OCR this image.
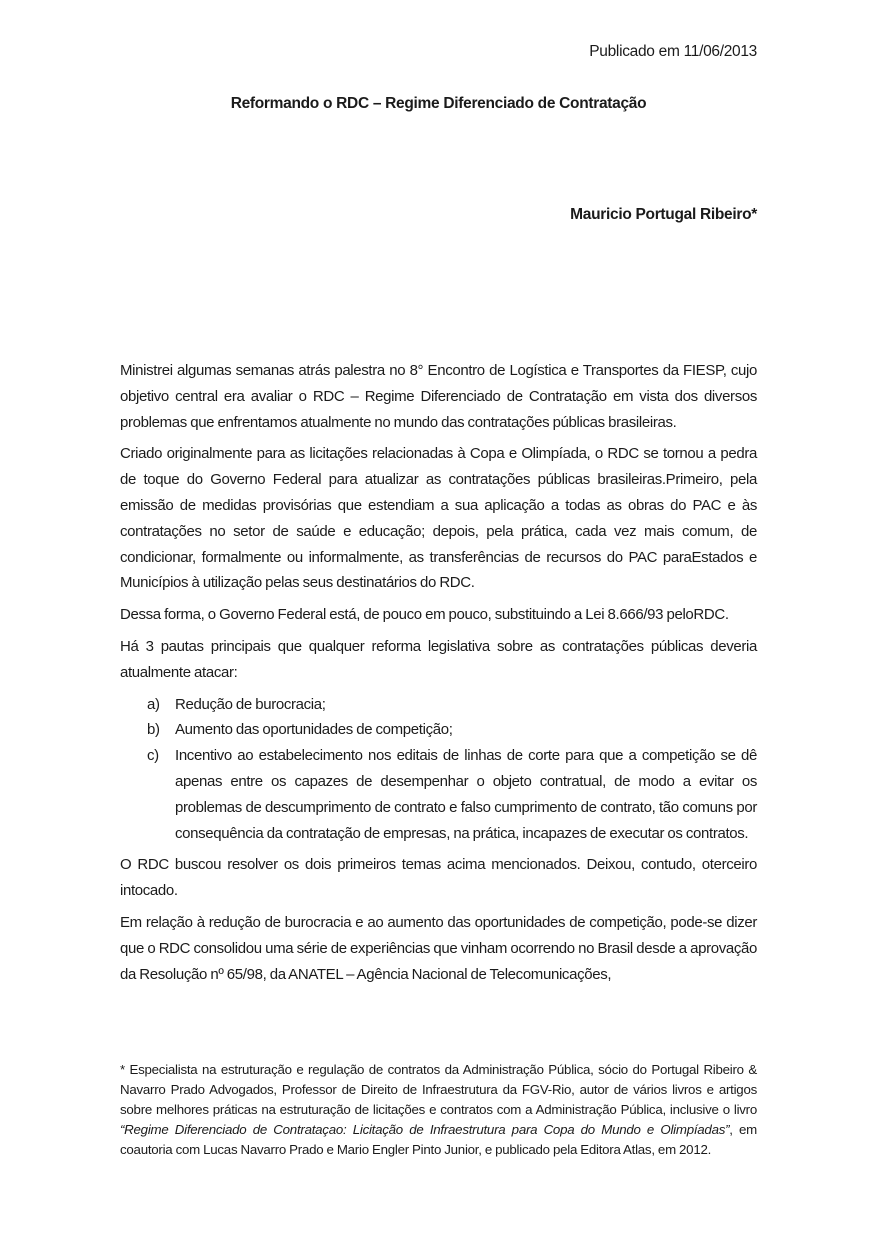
Publicado em 11/06/2013
Reformando o RDC – Regime Diferenciado de Contratação
Mauricio Portugal Ribeiro*

Ministrei algumas semanas atrás palestra no 8° Encontro de Logística e Transportes da FIESP, cujo objetivo central era avaliar o RDC – Regime Diferenciado de Contratação em vista dos diversos problemas que enfrentamos atualmente no mundo das contratações públicas brasileiras.

Criado originalmente para as licitações relacionadas à Copa e Olimpíada, o RDC se tornou a pedra de toque do Governo Federal para atualizar as contratações públicas brasileiras.Primeiro, pela emissão de medidas provisórias que estendiam a sua aplicação a todas as obras do PAC e às contratações no setor de saúde e educação; depois, pela prática, cada vez mais comum, de condicionar, formalmente ou informalmente, as transferências de recursos do PAC paraEstados e Municípios à utilização pelas seus destinatários do RDC.

Dessa forma, o Governo Federal está, de pouco em pouco, substituindo a Lei 8.666/93 peloRDC.

Há 3 pautas principais que qualquer reforma legislativa sobre as contratações públicas deveria atualmente atacar:

a)	Redução de burocracia;
b)	Aumento das oportunidades de competição;
c)	Incentivo ao estabelecimento nos editais de linhas de corte para que a competição se dê apenas entre os capazes de desempenhar o objeto contratual, de modo a evitar os problemas de descumprimento de contrato e falso cumprimento de contrato, tão comuns por consequência da contratação de empresas, na prática, incapazes de executar os contratos.

O RDC buscou resolver os dois primeiros temas acima mencionados. Deixou, contudo, oterceiro intocado.

Em relação à redução de burocracia e ao aumento das oportunidades de competição, pode-se dizer que o RDC consolidou uma série de experiências que vinham ocorrendo no Brasil desde a aprovação da Resolução nº 65/98, da ANATEL – Agência Nacional de Telecomunicações,

* Especialista na estruturação e regulação de contratos da Administração Pública, sócio do Portugal Ribeiro & Navarro Prado Advogados, Professor de Direito de Infraestrutura da FGV-Rio, autor de vários livros e artigos sobre melhores práticas na estruturação de licitações e contratos com a Administração Pública, inclusive o livro “Regime Diferenciado de Contrataçao: Licitação de Infraestrutura para Copa do Mundo e Olimpíadas”, em coautoria com Lucas Navarro Prado e Mario Engler Pinto Junior, e publicado pela Editora Atlas, em 2012.
